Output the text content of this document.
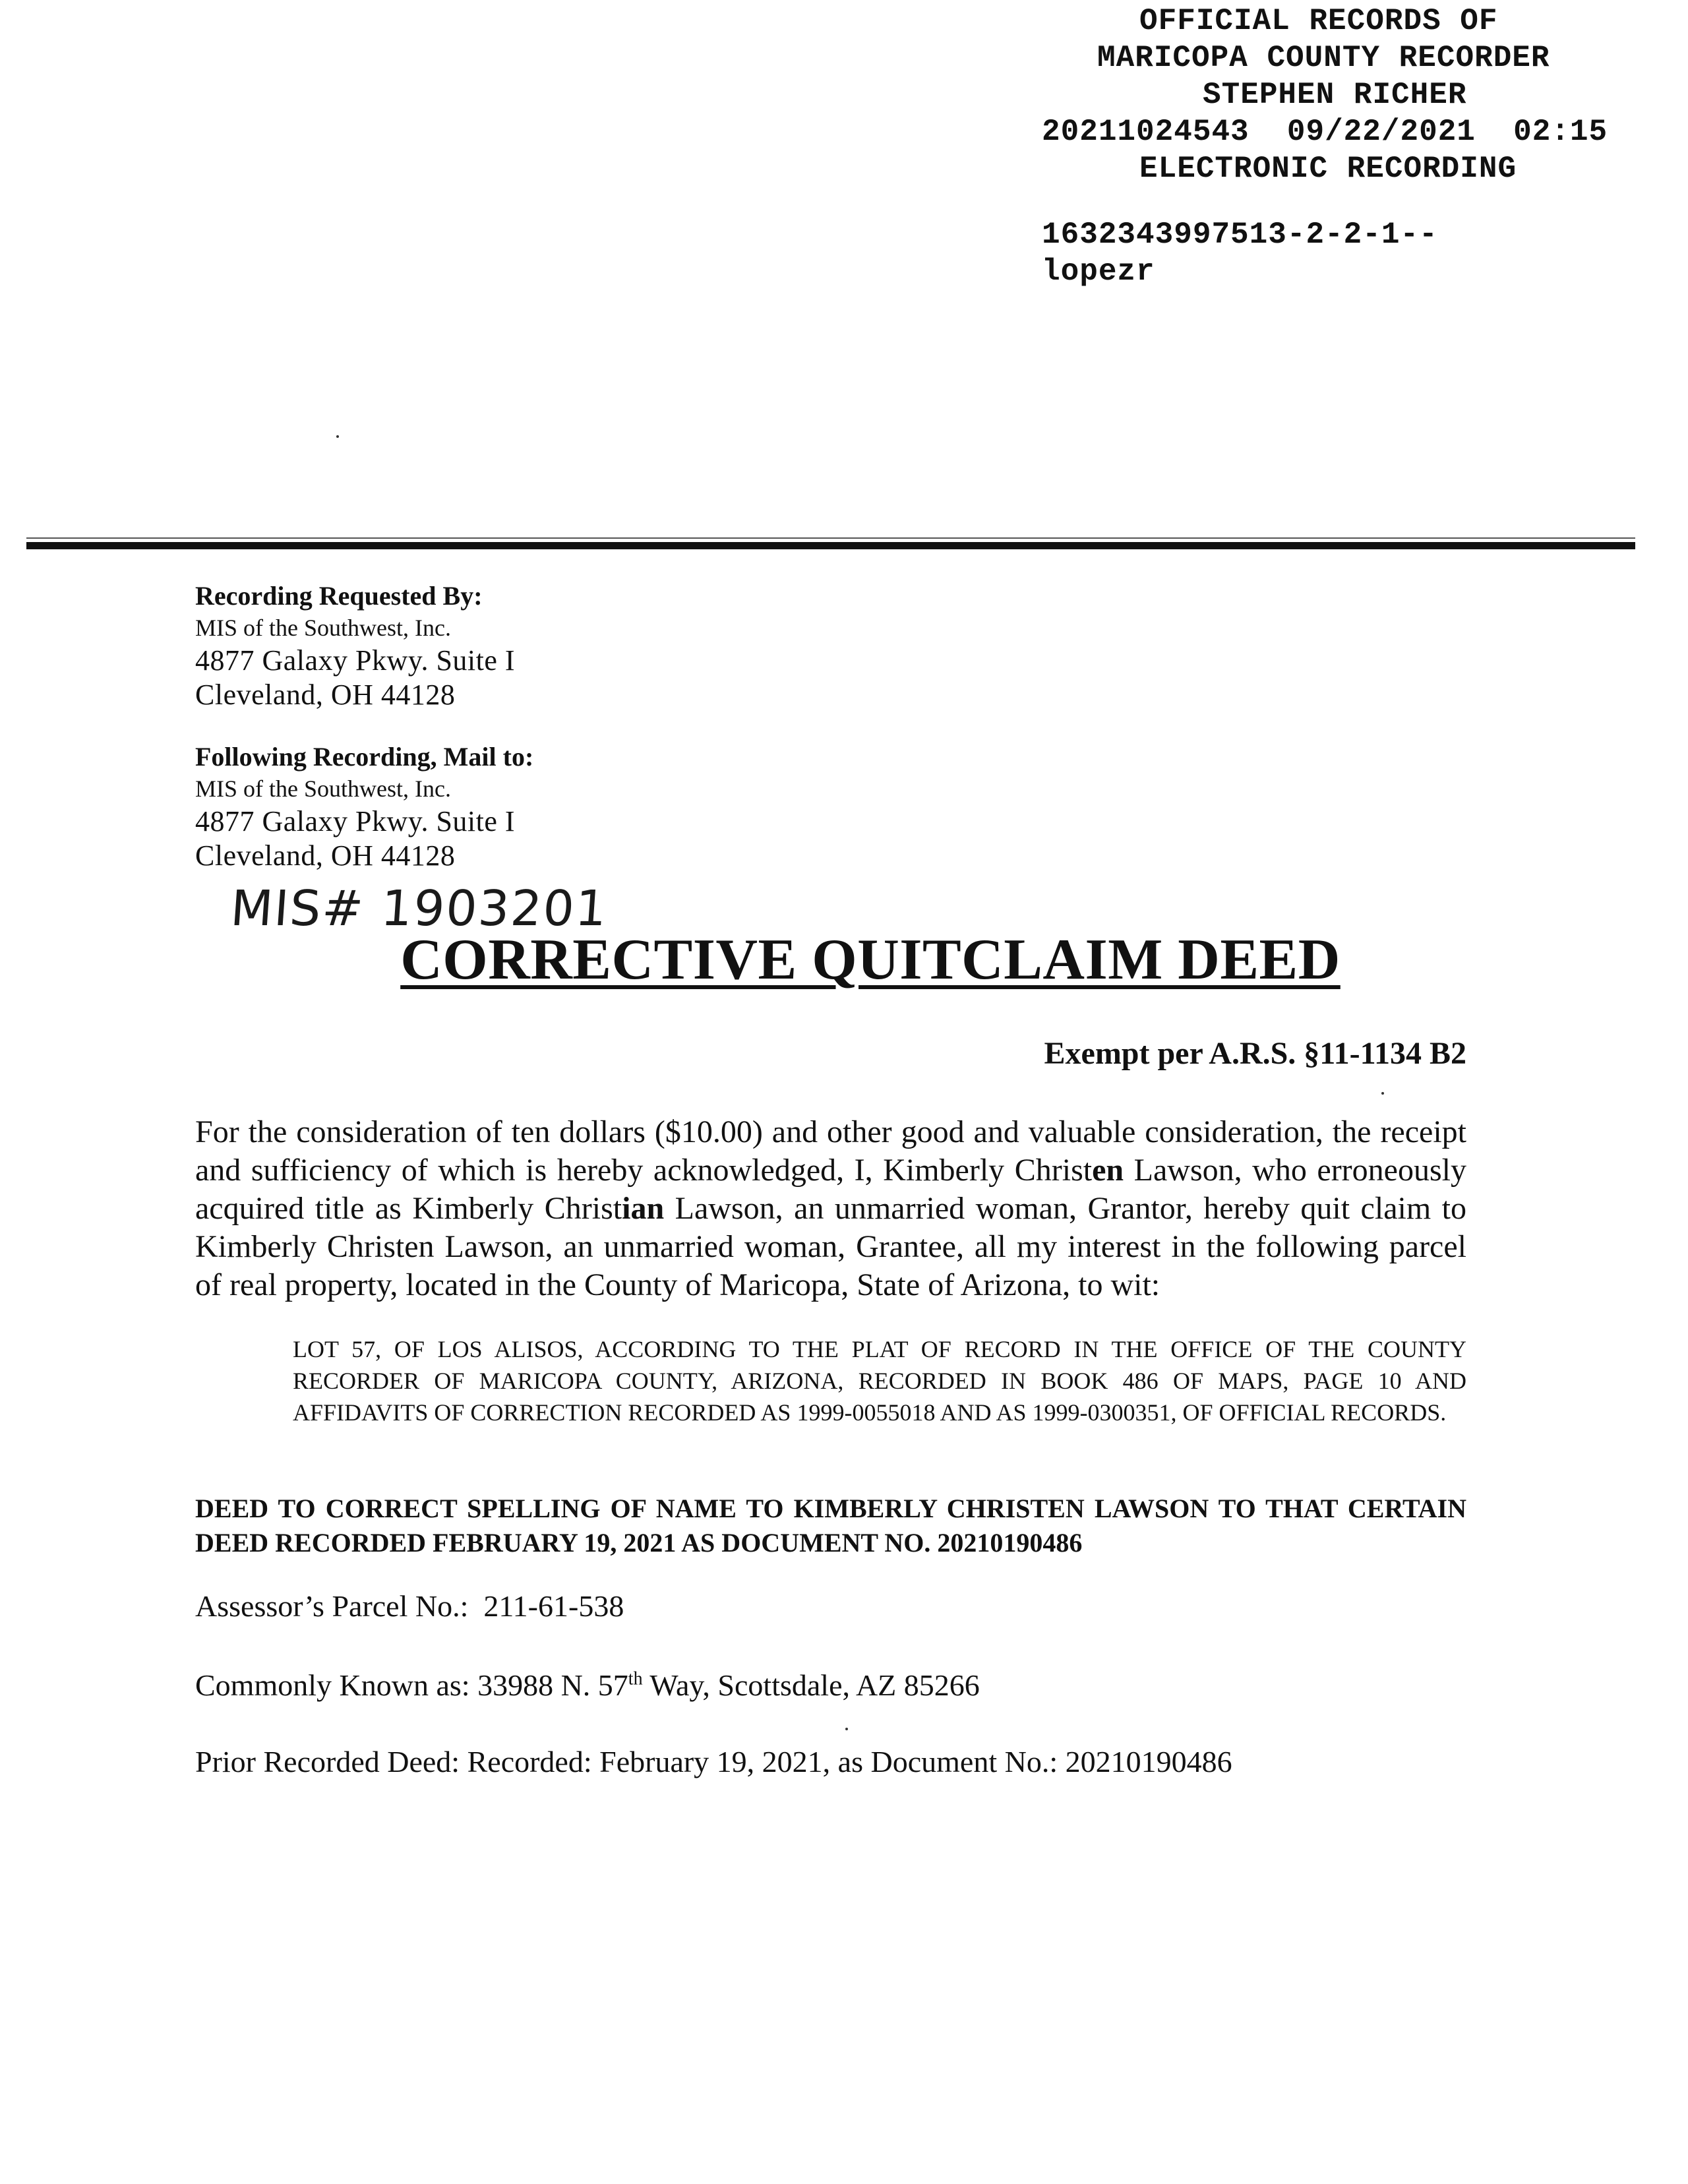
OFFICIAL RECORDS OF
MARICOPA COUNTY RECORDER
STEPHEN RICHER
20211024543  09/22/2021  02:15
ELECTRONIC RECORDING
1632343997513-2-2-1--
lopezr
Recording Requested By:
MIS of the Southwest, Inc.
4877 Galaxy Pkwy. Suite I
Cleveland, OH 44128
Following Recording, Mail to:
MIS of the Southwest, Inc.
4877 Galaxy Pkwy. Suite I
Cleveland, OH 44128
MIS# 1903201
CORRECTIVE QUITCLAIM DEED
Exempt per A.R.S. §11-1134 B2
For the consideration of ten dollars ($10.00) and other good and valuable consideration, the receipt and sufficiency of which is hereby acknowledged, I, Kimberly Christen Lawson, who erroneously acquired title as Kimberly Christian Lawson, an unmarried woman, Grantor, hereby quit claim to Kimberly Christen Lawson, an unmarried woman, Grantee, all my interest in the following parcel of real property, located in the County of Maricopa, State of Arizona, to wit:
LOT 57, OF LOS ALISOS, ACCORDING TO THE PLAT OF RECORD IN THE OFFICE OF THE COUNTY RECORDER OF MARICOPA COUNTY, ARIZONA, RECORDED IN BOOK 486 OF MAPS, PAGE 10 AND AFFIDAVITS OF CORRECTION RECORDED AS 1999-0055018 AND AS 1999-0300351, OF OFFICIAL RECORDS.
DEED TO CORRECT SPELLING OF NAME TO KIMBERLY CHRISTEN LAWSON TO THAT CERTAIN DEED RECORDED FEBRUARY 19, 2021 AS DOCUMENT NO. 20210190486
Assessor’s Parcel No.: 211-61-538
Commonly Known as: 33988 N. 57th Way, Scottsdale, AZ 85266
Prior Recorded Deed: Recorded: February 19, 2021, as Document No.: 20210190486
